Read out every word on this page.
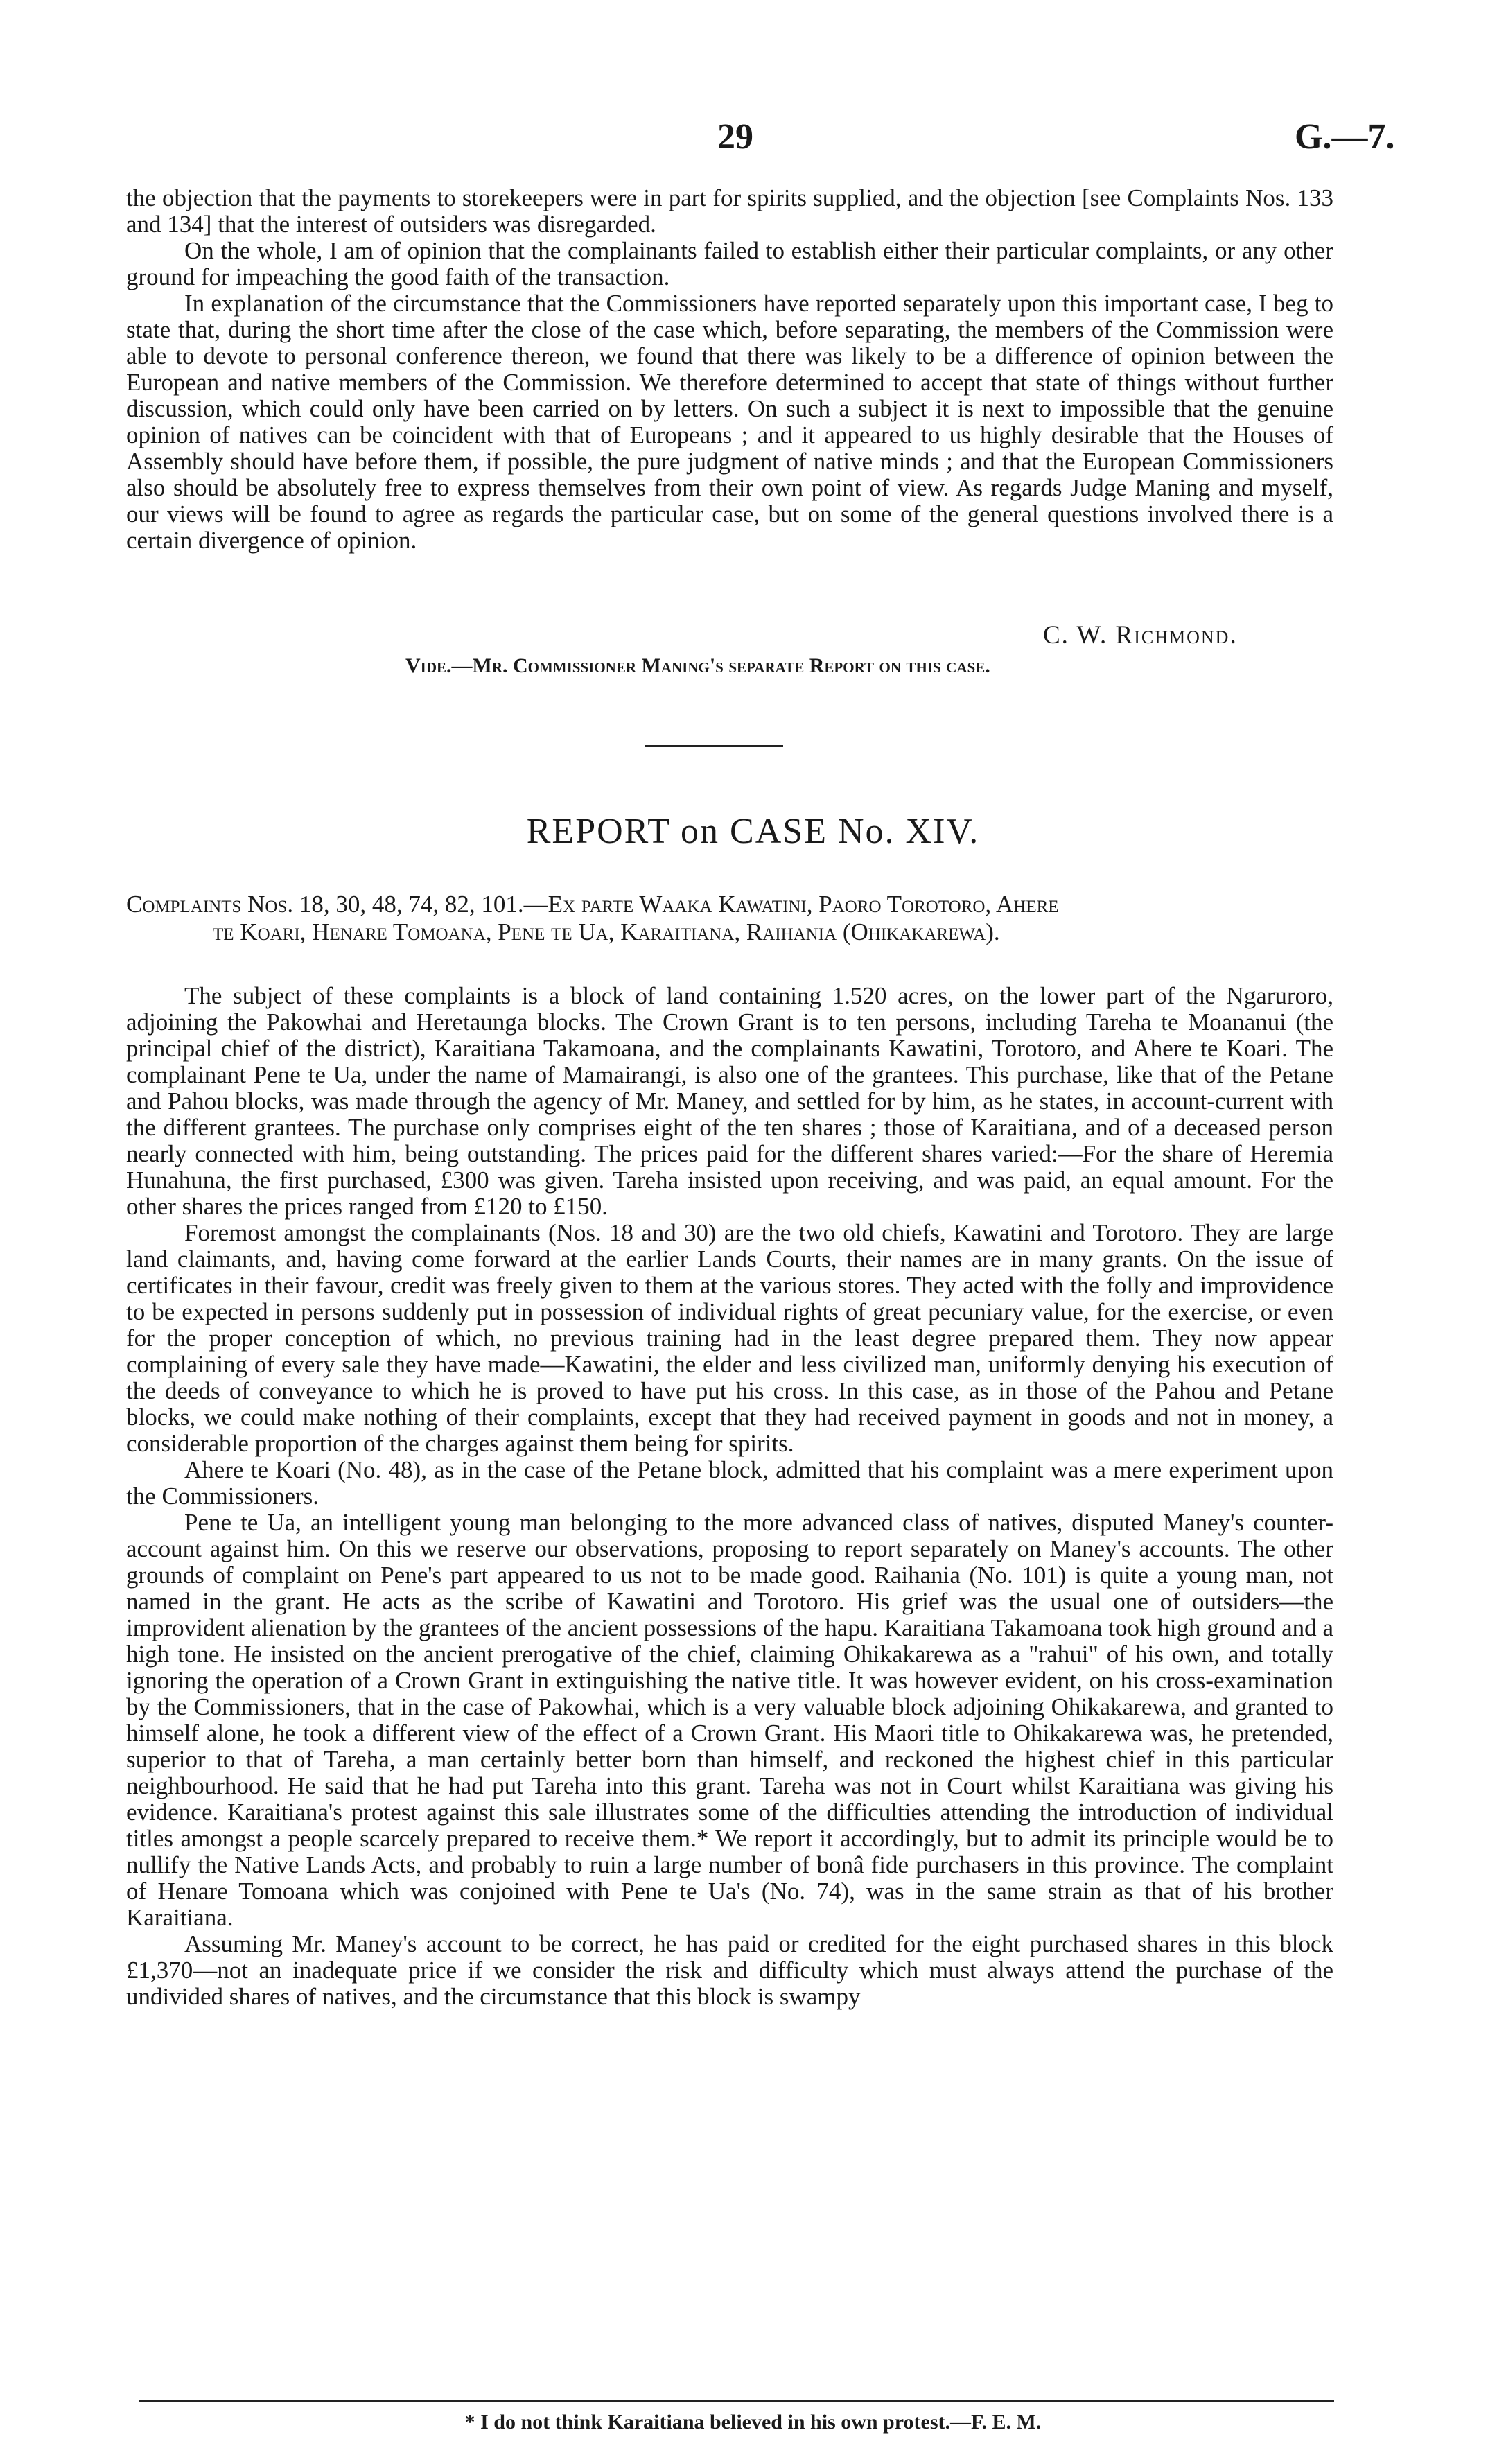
29	G.—7.

the objection that the payments to storekeepers were in part for spirits supplied, and the objection [see Complaints Nos. 133 and 134] that the interest of outsiders was disregarded.

On the whole, I am of opinion that the complainants failed to establish either their particular complaints, or any other ground for impeaching the good faith of the transaction.

In explanation of the circumstance that the Commissioners have reported separately upon this important case, I beg to state that, during the short time after the close of the case which, before separating, the members of the Commission were able to devote to personal conference thereon, we found that there was likely to be a difference of opinion between the European and native members of the Commission. We therefore determined to accept that state of things without further discussion, which could only have been carried on by letters. On such a subject it is next to impossible that the genuine opinion of natives can be coincident with that of Europeans ; and it appeared to us highly desirable that the Houses of Assembly should have before them, if possible, the pure judgment of native minds ; and that the European Commissioners also should be absolutely free to express themselves from their own point of view. As regards Judge Maning and myself, our views will be found to agree as regards the particular case, but on some of the general questions involved there is a certain divergence of opinion.

C. W. Richmond.
Vide.—Mr. Commissioner Maning's separate Report on this case.
REPORT on CASE No. XIV.
Complaints Nos. 18, 30, 48, 74, 82, 101.—Ex parte Waaka Kawatini, Paoro Torotoro, Ahere
te Koari, Henare Tomoana, Pene te Ua, Karaitiana, Raihania (Ohikakarewa).

The subject of these complaints is a block of land containing 1.520 acres, on the lower part of the Ngaruroro, adjoining the Pakowhai and Heretaunga blocks. The Crown Grant is to ten persons, including Tareha te Moananui (the principal chief of the district), Karaitiana Takamoana, and the complainants Kawatini, Torotoro, and Ahere te Koari. The complainant Pene te Ua, under the name of Mamairangi, is also one of the grantees. This purchase, like that of the Petane and Pahou blocks, was made through the agency of Mr. Maney, and settled for by him, as he states, in account-current with the different grantees. The purchase only comprises eight of the ten shares ; those of Karaitiana, and of a deceased person nearly connected with him, being outstanding. The prices paid for the different shares varied:—For the share of Heremia Hunahuna, the first purchased, £300 was given. Tareha insisted upon receiving, and was paid, an equal amount. For the other shares the prices ranged from £120 to £150.

Foremost amongst the complainants (Nos. 18 and 30) are the two old chiefs, Kawatini and Torotoro. They are large land claimants, and, having come forward at the earlier Lands Courts, their names are in many grants. On the issue of certificates in their favour, credit was freely given to them at the various stores. They acted with the folly and improvidence to be expected in persons suddenly put in possession of individual rights of great pecuniary value, for the exercise, or even for the proper conception of which, no previous training had in the least degree prepared them. They now appear complaining of every sale they have made—Kawatini, the elder and less civilized man, uniformly denying his execution of the deeds of conveyance to which he is proved to have put his cross. In this case, as in those of the Pahou and Petane blocks, we could make nothing of their complaints, except that they had received payment in goods and not in money, a considerable proportion of the charges against them being for spirits.

Ahere te Koari (No. 48), as in the case of the Petane block, admitted that his complaint was a mere experiment upon the Commissioners.

Pene te Ua, an intelligent young man belonging to the more advanced class of natives, disputed Maney's counter-account against him. On this we reserve our observations, proposing to report separately on Maney's accounts. The other grounds of complaint on Pene's part appeared to us not to be made good. Raihania (No. 101) is quite a young man, not named in the grant. He acts as the scribe of Kawatini and Torotoro. His grief was the usual one of outsiders—the improvident alienation by the grantees of the ancient possessions of the hapu. Karaitiana Takamoana took high ground and a high tone. He insisted on the ancient prerogative of the chief, claiming Ohikakarewa as a "rahui" of his own, and totally ignoring the operation of a Crown Grant in extinguishing the native title. It was however evident, on his cross-examination by the Commissioners, that in the case of Pakowhai, which is a very valuable block adjoining Ohikakarewa, and granted to himself alone, he took a different view of the effect of a Crown Grant. His Maori title to Ohikakarewa was, he pretended, superior to that of Tareha, a man certainly better born than himself, and reckoned the highest chief in this particular neighbourhood. He said that he had put Tareha into this grant. Tareha was not in Court whilst Karaitiana was giving his evidence. Karaitiana's protest against this sale illustrates some of the difficulties attending the introduction of individual titles amongst a people scarcely prepared to receive them.* We report it accordingly, but to admit its principle would be to nullify the Native Lands Acts, and probably to ruin a large number of bonâ fide purchasers in this province. The complaint of Henare Tomoana which was conjoined with Pene te Ua's (No. 74), was in the same strain as that of his brother Karaitiana.

Assuming Mr. Maney's account to be correct, he has paid or credited for the eight purchased shares in this block £1,370—not an inadequate price if we consider the risk and difficulty which must always attend the purchase of the undivided shares of natives, and the circumstance that this block is swampy

* I do not think Karaitiana believed in his own protest.—F. E. M.
